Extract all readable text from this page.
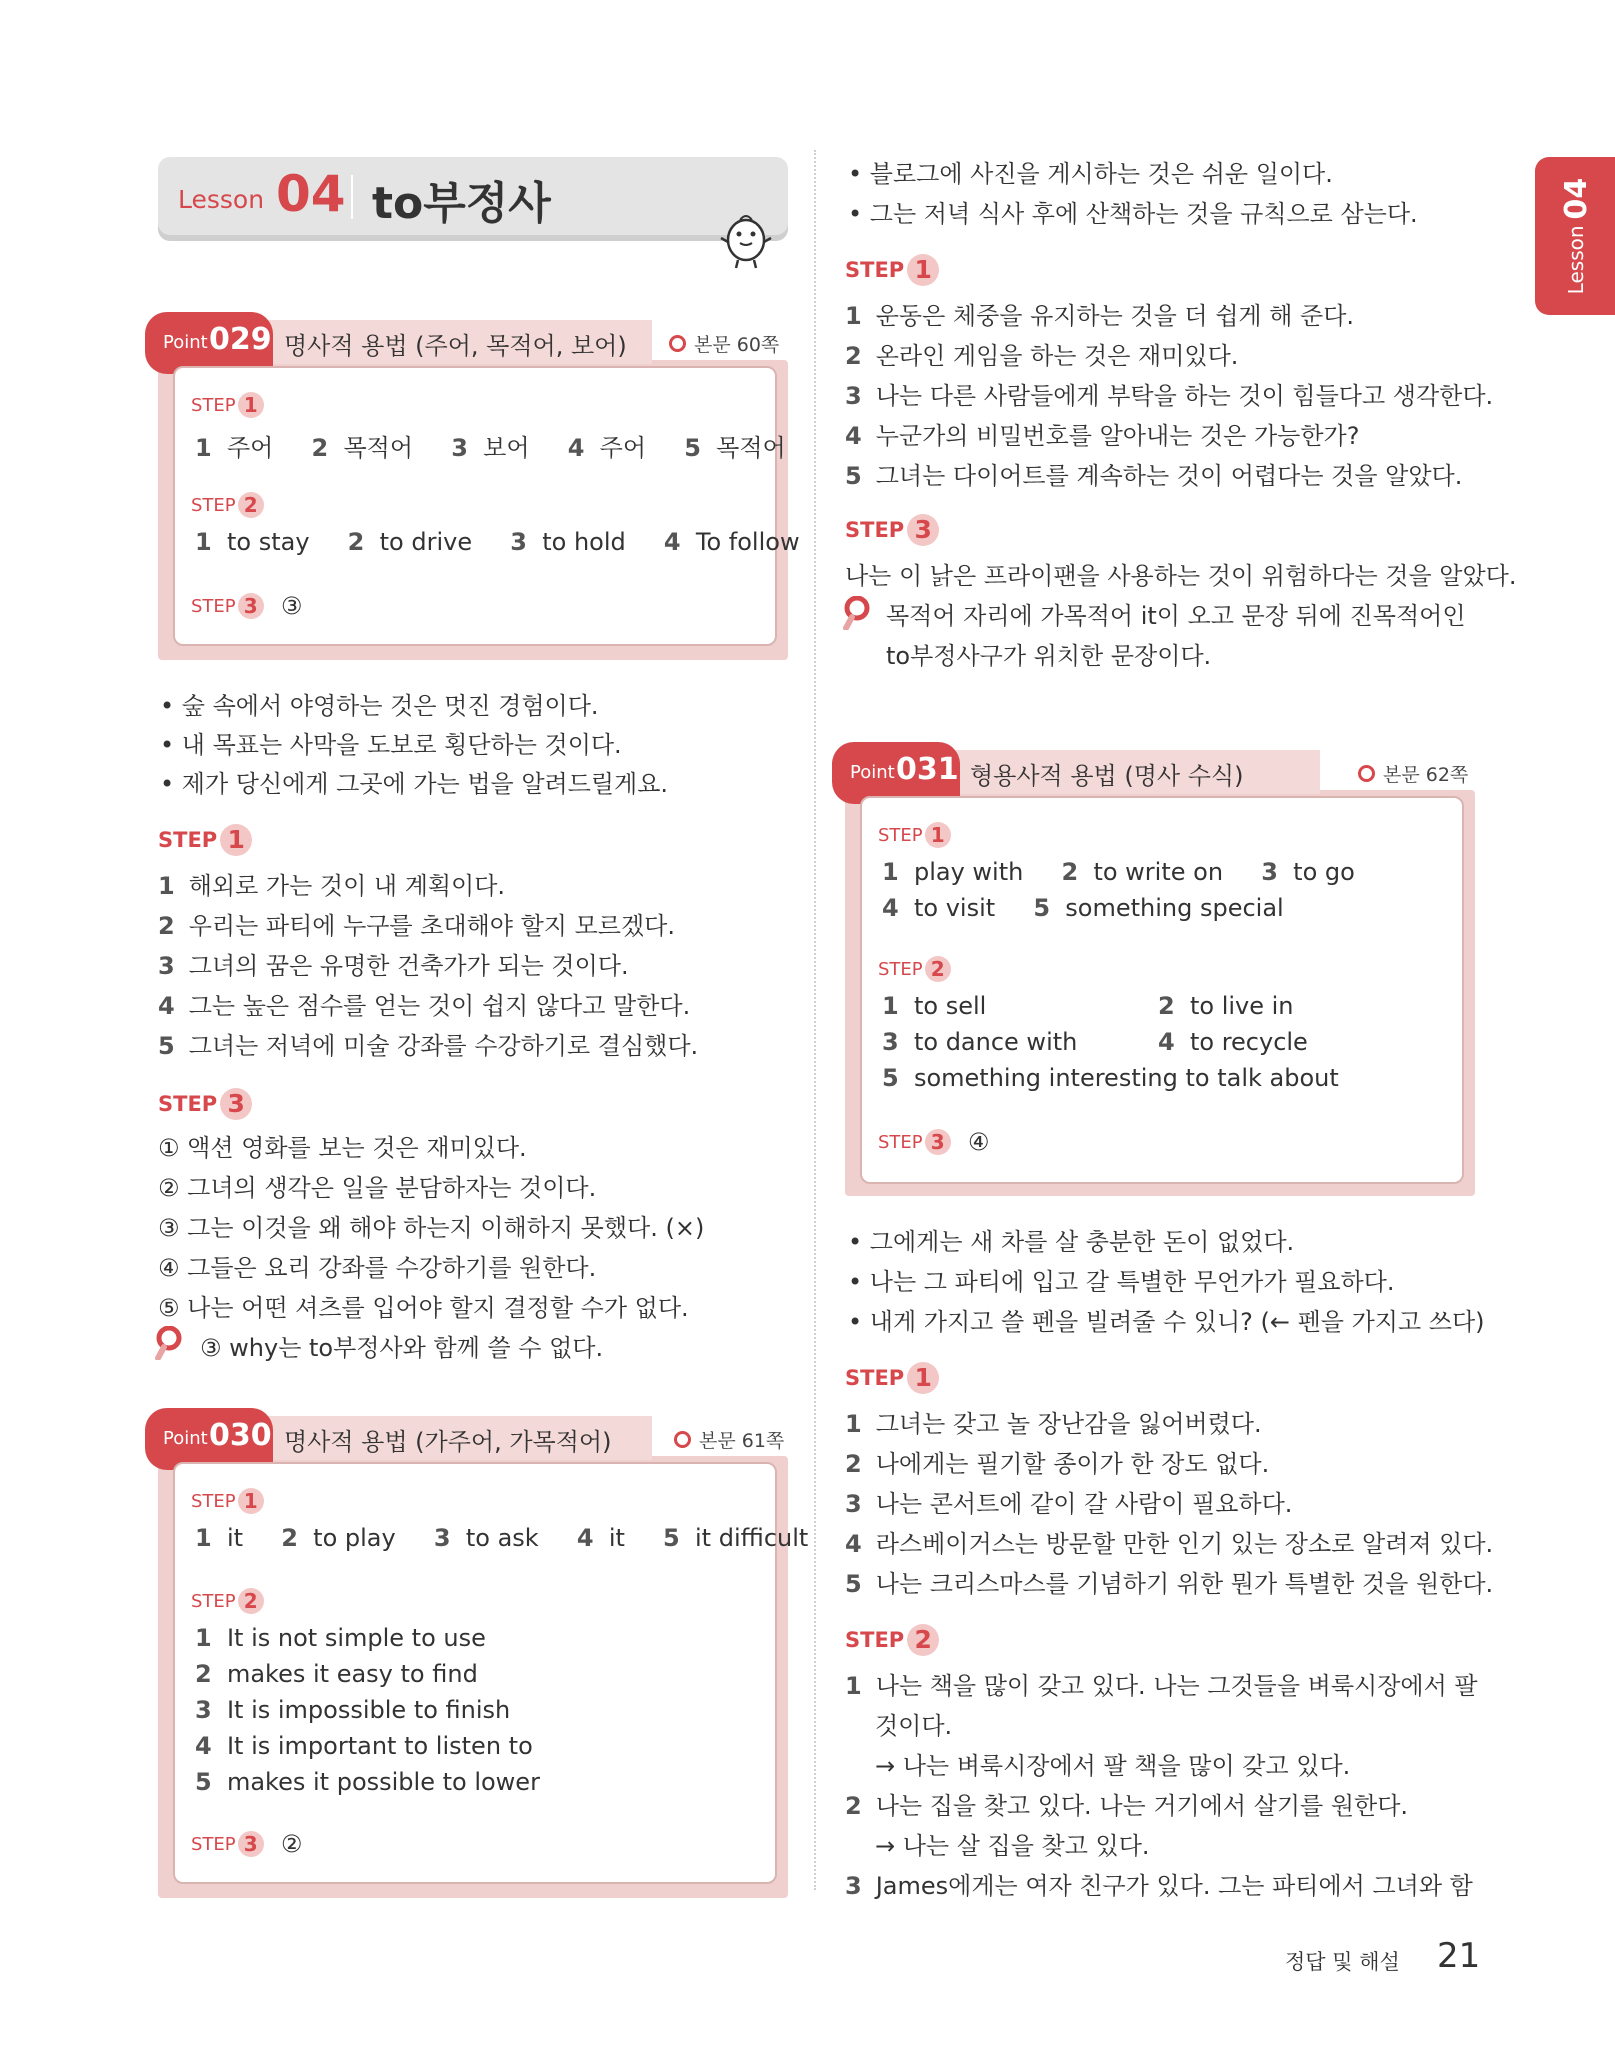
Lesson 04 to부정사
Lesson
04
Point 029 명사적 용법 (주어, 목적어, 보어)	본문 60쪽
STEP 1
1 주어 2 목적어 3 보어 4 주어 5 목적어
STEP 2
1 to stay 2 to drive 3 to hold 4 To follow
STEP 3
③
• 숲 속에서 야영하는 것은 멋진 경험이다.
• 내 목표는 사막을 도보로 횡단하는 것이다.
• 제가 당신에게 그곳에 가는 법을 알려드릴게요.
STEP 1
1 해외로 가는 것이 내 계획이다.
2 우리는 파티에 누구를 초대해야 할지 모르겠다.
3 그녀의 꿈은 유명한 건축가가 되는 것이다.
4 그는 높은 점수를 얻는 것이 쉽지 않다고 말한다.
5 그녀는 저녁에 미술 강좌를 수강하기로 결심했다.
STEP 3
① 액션 영화를 보는 것은 재미있다.
② 그녀의 생각은 일을 분담하자는 것이다.
③ 그는 이것을 왜 해야 하는지 이해하지 못했다. (×)
④ 그들은 요리 강좌를 수강하기를 원한다.
⑤ 나는 어떤 셔츠를 입어야 할지 결정할 수가 없다.
③ why는 to부정사와 함께 쓸 수 없다.
Point 030 명사적 용법 (가주어, 가목적어)	본문 61쪽
STEP 1
1 it 2 to play 3 to ask 4 it 5 it difficult
STEP 2
1 It is not simple to use
2 makes it easy to find
3 It is impossible to finish
4 It is important to listen to
5 makes it possible to lower
STEP 3
②
• 블로그에 사진을 게시하는 것은 쉬운 일이다.
• 그는 저녁 식사 후에 산책하는 것을 규칙으로 삼는다.
STEP 1
1 운동은 체중을 유지하는 것을 더 쉽게 해 준다.
2 온라인 게임을 하는 것은 재미있다.
3 나는 다른 사람들에게 부탁을 하는 것이 힘들다고 생각한다.
4 누군가의 비밀번호를 알아내는 것은 가능한가?
5 그녀는 다이어트를 계속하는 것이 어렵다는 것을 알았다.
STEP 3
나는 이 낡은 프라이팬을 사용하는 것이 위험하다는 것을 알았다.
목적어 자리에 가목적어 it이 오고 문장 뒤에 진목적어인
to부정사구가 위치한 문장이다.
Point 031 형용사적 용법 (명사 수식)	본문 62쪽
STEP 1
1 play with 2 to write on 3 to go
4 to visit 5 something special
STEP 2
1 to sell	2 to live in
3 to dance with	4 to recycle
5 something interesting to talk about
STEP 3
④
• 그에게는 새 차를 살 충분한 돈이 없었다.
• 나는 그 파티에 입고 갈 특별한 무언가가 필요하다.
• 내게 가지고 쓸 펜을 빌려줄 수 있니? (← 펜을 가지고 쓰다)
STEP 1
1 그녀는 갖고 놀 장난감을 잃어버렸다.
2 나에게는 필기할 종이가 한 장도 없다.
3 나는 콘서트에 같이 갈 사람이 필요하다.
4 라스베이거스는 방문할 만한 인기 있는 장소로 알려져 있다.
5 나는 크리스마스를 기념하기 위한 뭔가 특별한 것을 원한다.
STEP 2
1 나는 책을 많이 갖고 있다. 나는 그것들을 벼룩시장에서 팔
것이다.
→ 나는 벼룩시장에서 팔 책을 많이 갖고 있다.
2 나는 집을 찾고 있다. 나는 거기에서 살기를 원한다.
→ 나는 살 집을 찾고 있다.
3 James에게는 여자 친구가 있다. 그는 파티에서 그녀와 함
정답 및 해설 21
